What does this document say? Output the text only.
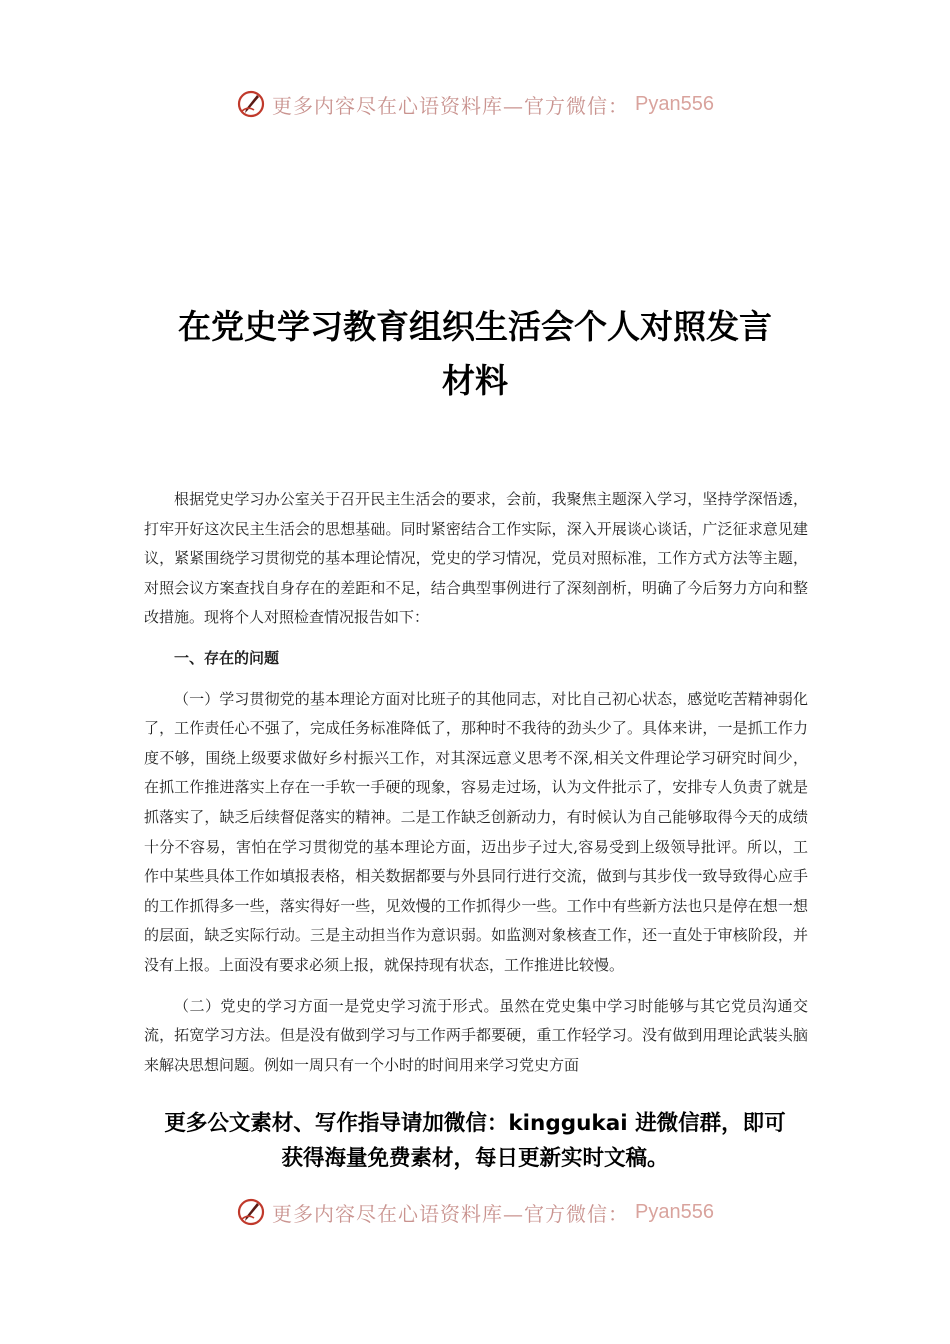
更多内容尽在心语资料库—官方微信： Pyan556
在党史学习教育组织生活会个人对照发言
材料

根据党史学习办公室关于召开民主生活会的要求，会前，我聚焦主题深入学习，坚持学深悟透，打牢开好这次民主生活会的思想基础。同时紧密结合工作实际，深入开展谈心谈话，广泛征求意见建议，紧紧围绕学习贯彻党的基本理论情况，党史的学习情况，党员对照标准，工作方式方法等主题，对照会议方案查找自身存在的差距和不足，结合典型事例进行了深刻剖析，明确了今后努力方向和整改措施。现将个人对照检查情况报告如下：

一、存在的问题

（一）学习贯彻党的基本理论方面对比班子的其他同志，对比自己初心状态，感觉吃苦精神弱化了，工作责任心不强了，完成任务标准降低了，那种时不我待的劲头少了。具体来讲，一是抓工作力度不够，围绕上级要求做好乡村振兴工作，对其深远意义思考不深,相关文件理论学习研究时间少，在抓工作推进落实上存在一手软一手硬的现象，容易走过场，认为文件批示了，安排专人负责了就是抓落实了，缺乏后续督促落实的精神。二是工作缺乏创新动力，有时候认为自己能够取得今天的成绩十分不容易，害怕在学习贯彻党的基本理论方面，迈出步子过大,容易受到上级领导批评。所以，工作中某些具体工作如填报表格，相关数据都要与外县同行进行交流，做到与其步伐一致导致得心应手的工作抓得多一些，落实得好一些，见效慢的工作抓得少一些。工作中有些新方法也只是停在想一想的层面，缺乏实际行动。三是主动担当作为意识弱。如监测对象核查工作，还一直处于审核阶段，并没有上报。上面没有要求必须上报，就保持现有状态，工作推进比较慢。

（二）党史的学习方面一是党史学习流于形式。虽然在党史集中学习时能够与其它党员沟通交流，拓宽学习方法。但是没有做到学习与工作两手都要硬，重工作轻学习。没有做到用理论武装头脑来解决思想问题。例如一周只有一个小时的时间用来学习党史方面

更多公文素材、写作指导请加微信：kinggukai 进微信群，即可
获得海量免费素材，每日更新实时文稿。
更多内容尽在心语资料库—官方微信： Pyan556
